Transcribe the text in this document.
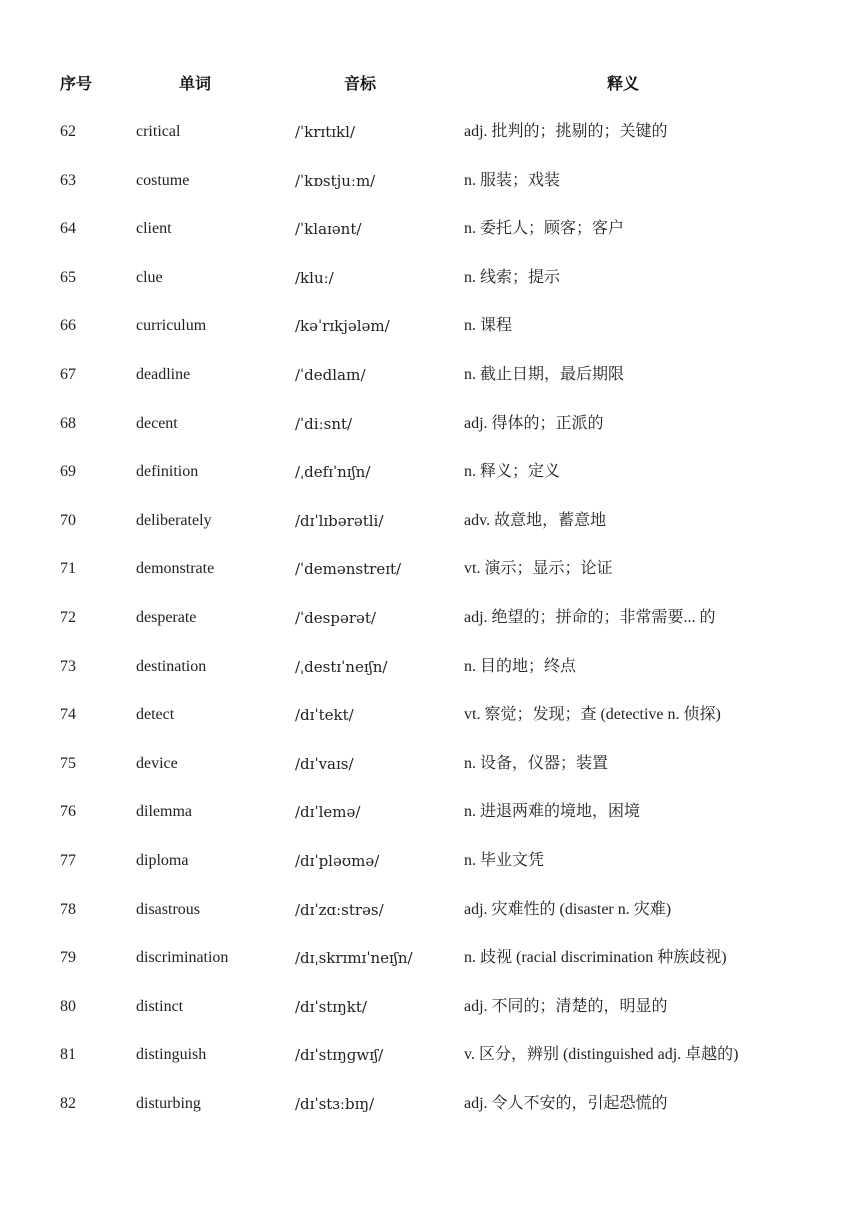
序号	单词	音标	释义
62	critical	/ˈkrɪtɪkl/	adj. 批判的；挑剔的；关键的
63	costume	/ˈkɒstjuːm/	n. 服装；戏装
64	client	/ˈklaɪənt/	n. 委托人；顾客；客户
65	clue	/kluː/	n. 线索；提示
66	curriculum	/kəˈrɪkjələm/	n. 课程
67	deadline	/ˈdedlaɪn/	n. 截止日期，最后期限
68	decent	/ˈdiːsnt/	adj. 得体的；正派的
69	definition	/ˌdefɪˈnɪʃn/	n. 释义；定义
70	deliberately	/dɪˈlɪbərətli/	adv. 故意地，蓄意地
71	demonstrate	/ˈdemənstreɪt/	vt. 演示；显示；论证
72	desperate	/ˈdespərət/	adj. 绝望的；拼命的；非常需要... 的
73	destination	/ˌdestɪˈneɪʃn/	n. 目的地；终点
74	detect	/dɪˈtekt/	vt. 察觉；发现；查 (detective n. 侦探)
75	device	/dɪˈvaɪs/	n. 设备，仪器；装置
76	dilemma	/dɪˈlemə/	n. 进退两难的境地，困境
77	diploma	/dɪˈpləʊmə/	n. 毕业文凭
78	disastrous	/dɪˈzɑːstrəs/	adj. 灾难性的 (disaster n. 灾难)
79	discrimination	/dɪˌskrɪmɪˈneɪʃn/	n. 歧视 (racial discrimination 种族歧视)
80	distinct	/dɪˈstɪŋkt/	adj. 不同的；清楚的，明显的
81	distinguish	/dɪˈstɪŋɡwɪʃ/	v. 区分，辨别 (distinguished adj. 卓越的)
82	disturbing	/dɪˈstɜːbɪŋ/	adj. 令人不安的，引起恐慌的
